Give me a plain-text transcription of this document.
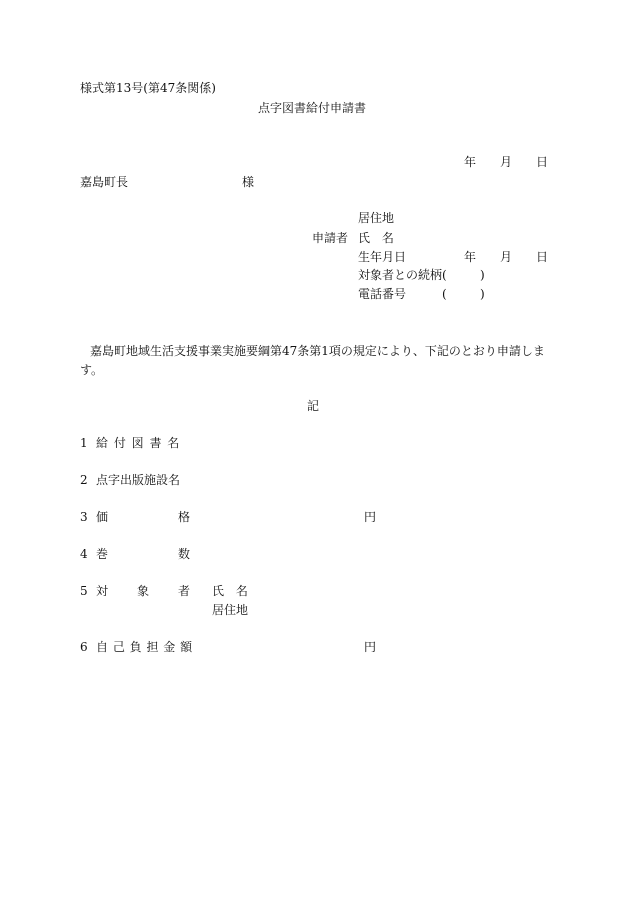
様式第13号(第47条関係)
点字図書給付申請書
年 月 日
嘉島町長	様
居住地
申請者 氏 名
生年月日	年 月 日
対象者との続柄(	)
電話番号	(	)
嘉島町地域生活支援事業実施要綱第47条第1項の規定により、下記のとおり申請します。
記
1 給 付 図 書 名
2 点字出版施設名
3 価	格	円
4 巻	数
5 対 象 者 氏 名
居住地
6 自 己 負 担 金 額	円
